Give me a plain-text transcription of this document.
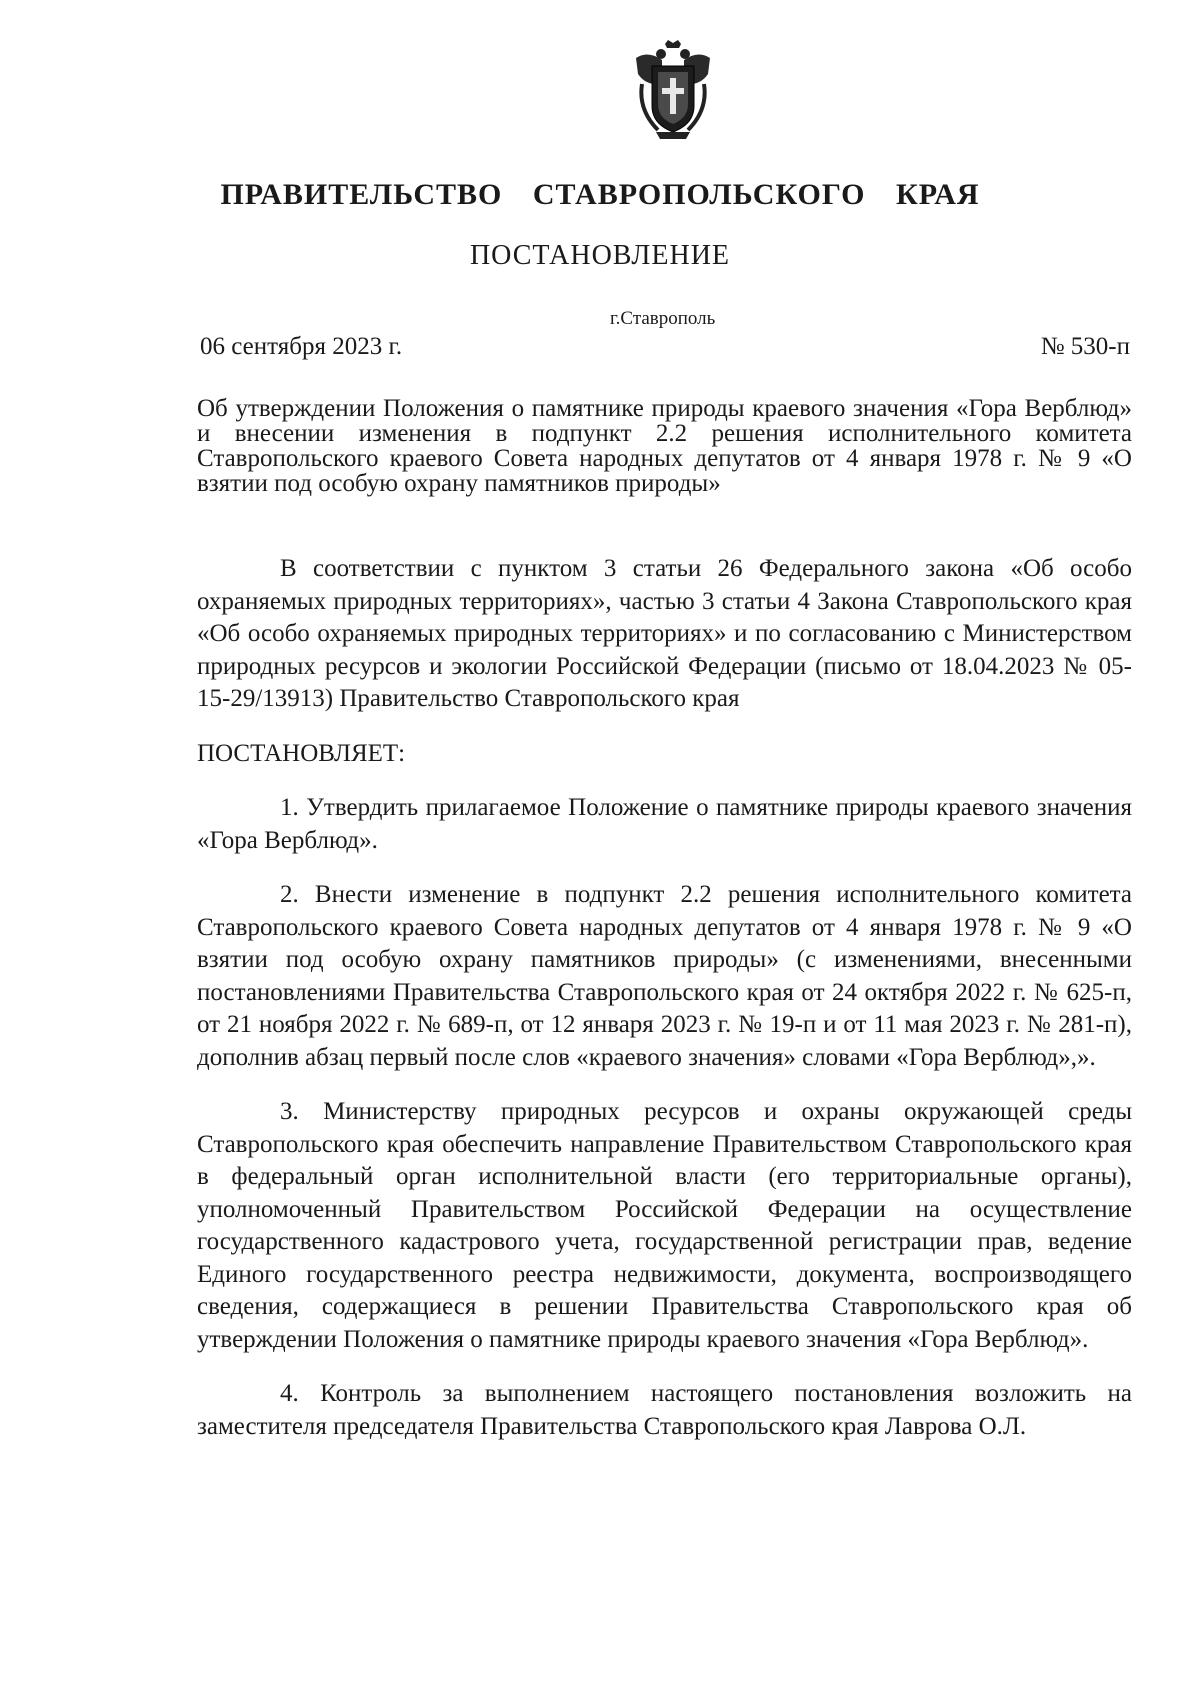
ПРАВИТЕЛЬСТВО СТАВРОПОЛЬСКОГО КРАЯ
ПОСТАНОВЛЕНИЕ
г.Ставрополь
06 сентября 2023 г.	№ 530-п
Об утверждении Положения о памятнике природы краевого значения «Гора Верблюд» и внесении изменения в подпункт 2.2 решения исполнительного комитета Ставропольского краевого Совета народных депутатов от 4 января 1978 г. № 9 «О взятии под особую охрану памятников природы»

В соответствии с пунктом 3 статьи 26 Федерального закона «Об особо охраняемых природных территориях», частью 3 статьи 4 Закона Ставропольского края «Об особо охраняемых природных территориях» и по согласованию с Министерством природных ресурсов и экологии Российской Федерации (письмо от 18.04.2023 № 05-15-29/13913) Правительство Ставропольского края

ПОСТАНОВЛЯЕТ:

1. Утвердить прилагаемое Положение о памятнике природы краевого значения «Гора Верблюд».

2. Внести изменение в подпункт 2.2 решения исполнительного комитета Ставропольского краевого Совета народных депутатов от 4 января 1978 г. № 9 «О взятии под особую охрану памятников природы» (с изменениями, внесенными постановлениями Правительства Ставропольского края от 24 октября 2022 г. № 625-п, от 21 ноября 2022 г. № 689-п, от 12 января 2023 г. № 19-п и от 11 мая 2023 г. № 281-п), дополнив абзац первый после слов «краевого значения» словами «Гора Верблюд»,».

3. Министерству природных ресурсов и охраны окружающей среды Ставропольского края обеспечить направление Правительством Ставропольского края в федеральный орган исполнительной власти (его территориальные органы), уполномоченный Правительством Российской Федерации на осуществление государственного кадастрового учета, государственной регистрации прав, ведение Единого государственного реестра недвижимости, документа, воспроизводящего сведения, содержащиеся в решении Правительства Ставропольского края об утверждении Положения о памятнике природы краевого значения «Гора Верблюд».

4. Контроль за выполнением настоящего постановления возложить на заместителя председателя Правительства Ставропольского края Лаврова О.Л.
